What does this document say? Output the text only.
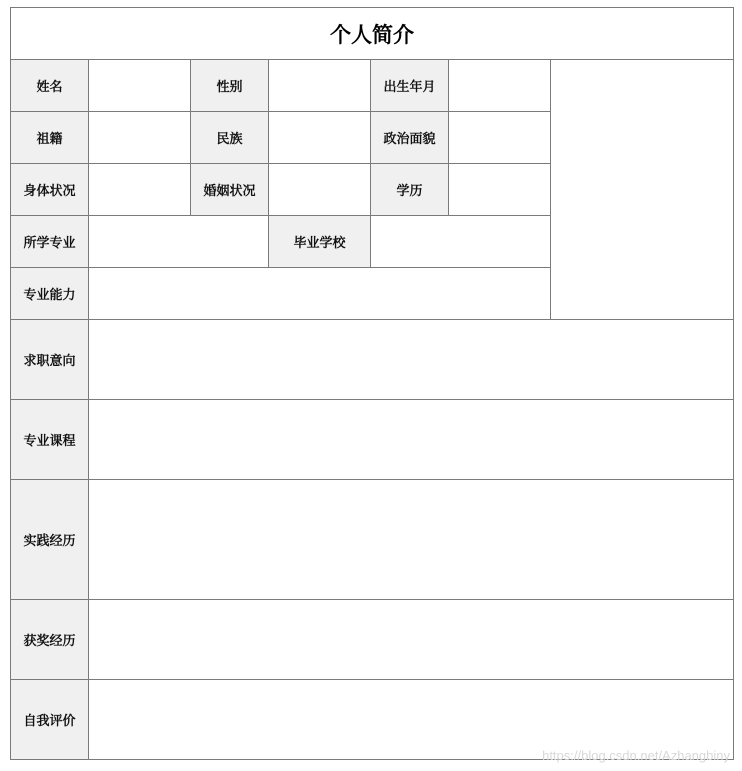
个人简介						
姓名		性别		出生年月		
祖籍		民族		政治面貌		
身体状况		婚姻状况		学历		
所学专业			毕业学校			
专业能力						
求职意向						
专业课程						
实践经历						
获奖经历						
自我评价						
https://blog.csdn.net/Azhangbiny
